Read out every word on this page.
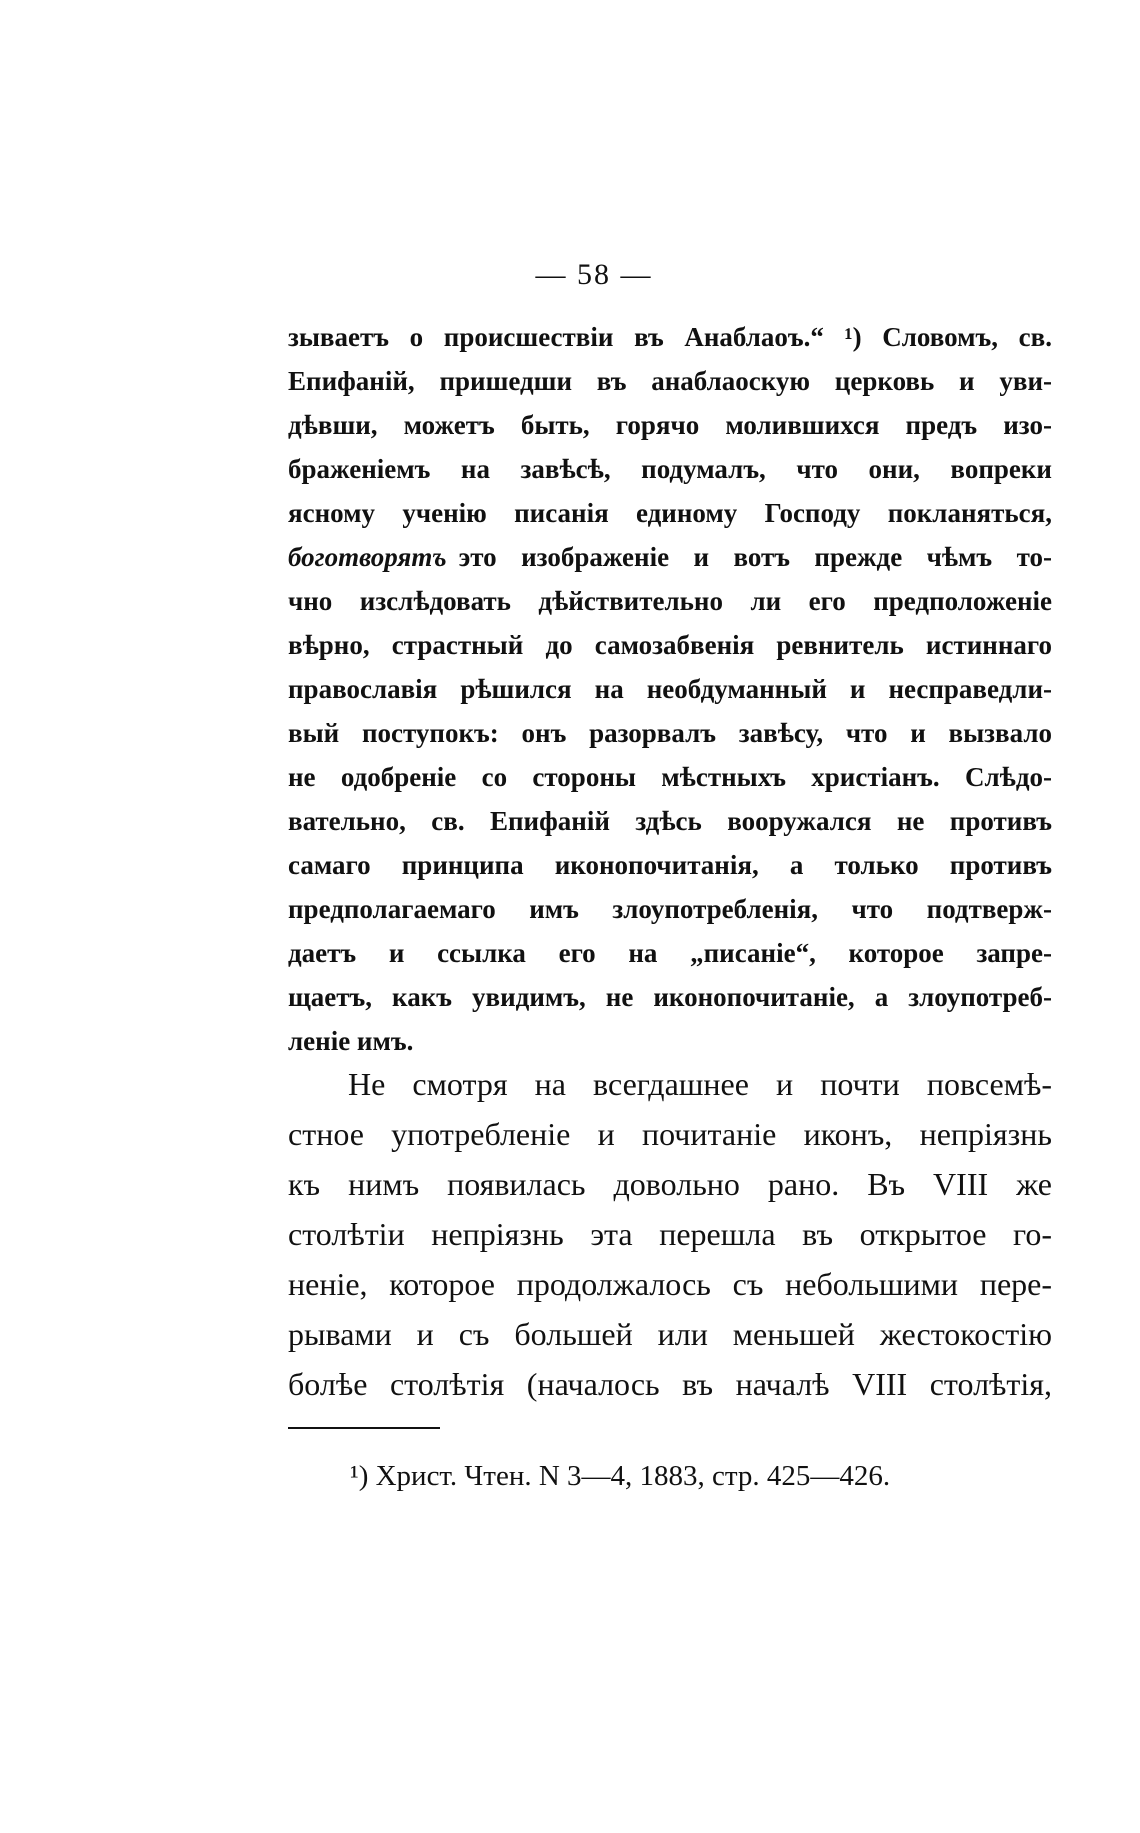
— 58 —
зываетъ о происшествіи въ Анаблаоъ.“ ¹) Словомъ, св.
Епифаній, пришедши въ анаблаоскую церковь и уви-
дѣвши, можетъ быть, горячо молившихся предъ изо-
браженіемъ на завѣсѣ, подумалъ, что они, вопреки
ясному ученію писанія единому Господу покланяться,
боготворятъ это изображеніе и вотъ прежде чѣмъ то-
чно изслѣдовать дѣйствительно ли его предположеніе
вѣрно, страстный до самозабвенія ревнитель истиннаго
православія рѣшился на необдуманный и несправедли-
вый поступокъ: онъ разорвалъ завѣсу, что и вызвало
не одобреніе со стороны мѣстныхъ христіанъ. Слѣдо-
вательно, св. Епифаній здѣсь вооружался не противъ
самаго принципа иконопочитанія, а только противъ
предполагаемаго имъ злоупотребленія, что подтверж-
даетъ и ссылка его на „писаніе“, которое запре-
щаетъ, какъ увидимъ, не иконопочитаніе, а злоупотреб-
леніе имъ.
Не смотря на всегдашнее и почти повсемѣ-
стное употребленіе и почитаніе иконъ, непріязнь
къ нимъ появилась довольно рано. Въ VIII же
столѣтіи непріязнь эта перешла въ открытое го-
неніе, которое продолжалось съ небольшими пере-
рывами и съ большей или меньшей жестокостію
болѣе столѣтія (началось въ началѣ VIII столѣтія,
¹) Христ. Чтен. N 3—4, 1883, стр. 425—426.
